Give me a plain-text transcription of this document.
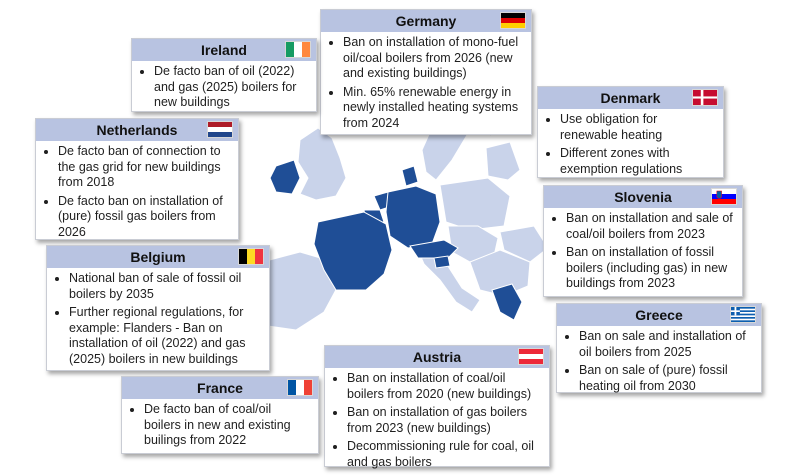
Germany
• Ban on installation of mono-fuel oil/coal boilers from 2026 (new and existing buildings)
• Min. 65% renewable energy in newly installed heating systems from 2024
Ireland
• De facto ban of oil (2022) and gas (2025) boilers for new buildings	Denmark
• Use obligation for renewable heating
• Different zones with exemption regulations
Netherlands
• De facto ban of connection to the gas grid for new buildings from 2018
• De facto ban on installation of (pure) fossil gas boilers from 2026
Slovenia
• Ban on installation and sale of coal/oil boilers from 2023
• Ban on installation of fossil boilers (including gas) in new buildings from 2023
Belgium
• National ban of sale of fossil oil boilers by 2035
• Further regional regulations, for example: Flanders - Ban on installation of oil (2022) and gas (2025) boilers in new buildings
Greece
• Ban on sale and installation of oil boilers from 2025
• Ban on sale of (pure) fossil heating oil from 2030
Austria
• Ban on installation of coal/oil boilers from 2020 (new buildings)
• Ban on installation of gas boilers from 2023 (new buildings)
• Decommissioning rule for coal, oil and gas boilers
France
• De facto ban of coal/oil boilers in new and existing builings from 2022
